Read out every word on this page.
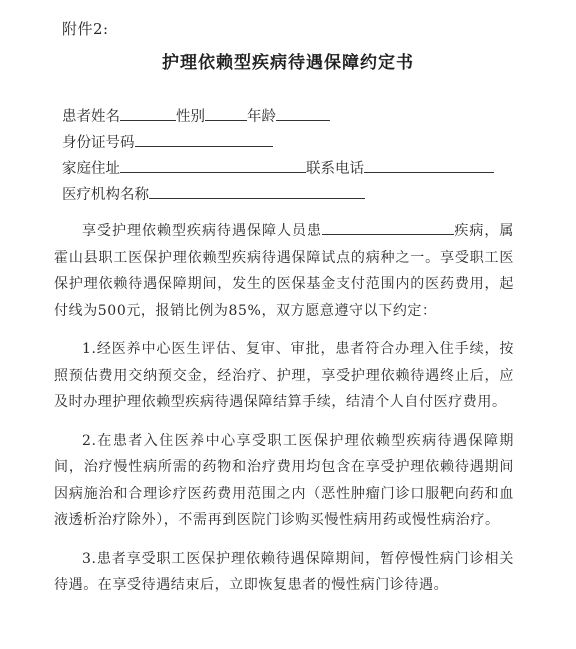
附件2:
护理依赖型疾病待遇保障约定书
患者姓名	性别	年龄
身份证号码
家庭住址	联系电话
医疗机构名称

享受护理依赖型疾病待遇保障人员患	疾病，属霍山县职工医保护理依赖型疾病待遇保障试点的病种之一。享受职工医保护理依赖待遇保障期间，发生的医保基金支付范围内的医药费用，起付线为500元，报销比例为85%，双方愿意遵守以下约定：

1.经医养中心医生评估、复审、审批，患者符合办理入住手续，按照预估费用交纳预交金，经治疗、护理，享受护理依赖待遇终止后，应及时办理护理依赖型疾病待遇保障结算手续，结清个人自付医疗费用。

2.在患者入住医养中心享受职工医保护理依赖型疾病待遇保障期间，治疗慢性病所需的药物和治疗费用均包含在享受护理依赖待遇期间因病施治和合理诊疗医药费用范围之内（恶性肿瘤门诊口服靶向药和血液透析治疗除外），不需再到医院门诊购买慢性病用药或慢性病治疗。

3.患者享受职工医保护理依赖待遇保障期间，暂停慢性病门诊相关待遇。在享受待遇结束后，立即恢复患者的慢性病门诊待遇。
